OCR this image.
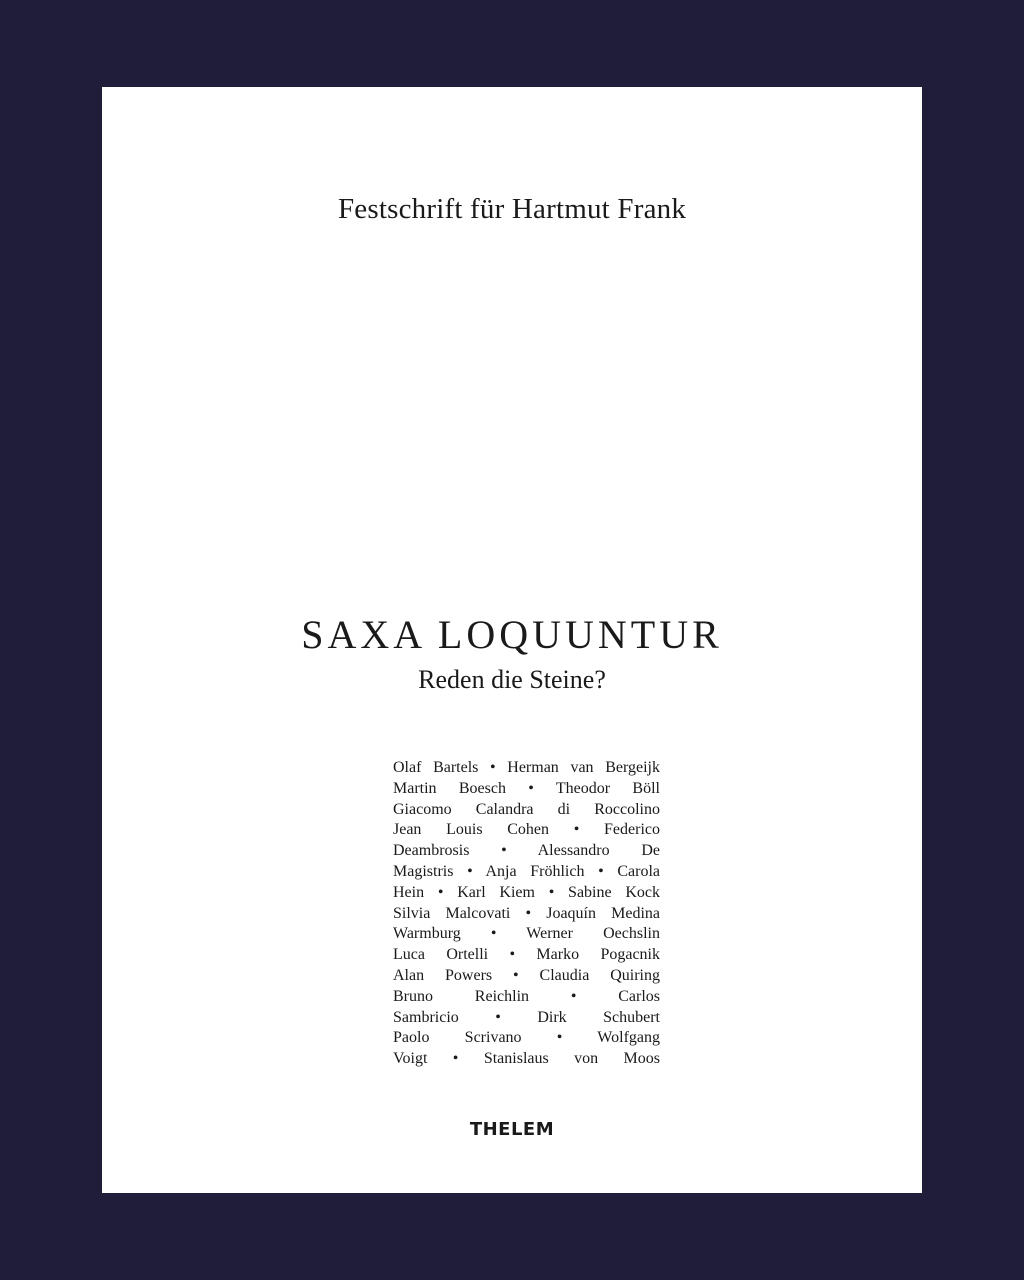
Festschrift für Hartmut Frank
SAXA LOQUUNTUR
Reden die Steine?
Olaf Bartels • Herman van Bergeijk
Martin Boesch • Theodor Böll
Giacomo Calandra di Roccolino
Jean Louis Cohen • Federico
Deambrosis • Alessandro De
Magistris • Anja Fröhlich • Carola
Hein • Karl Kiem • Sabine Kock
Silvia Malcovati • Joaquín Medina
Warmburg • Werner Oechslin
Luca Ortelli • Marko Pogacnik
Alan Powers • Claudia Quiring
Bruno Reichlin • Carlos
Sambricio • Dirk Schubert
Paolo Scrivano • Wolfgang
Voigt • Stanislaus von Moos
THELEM
